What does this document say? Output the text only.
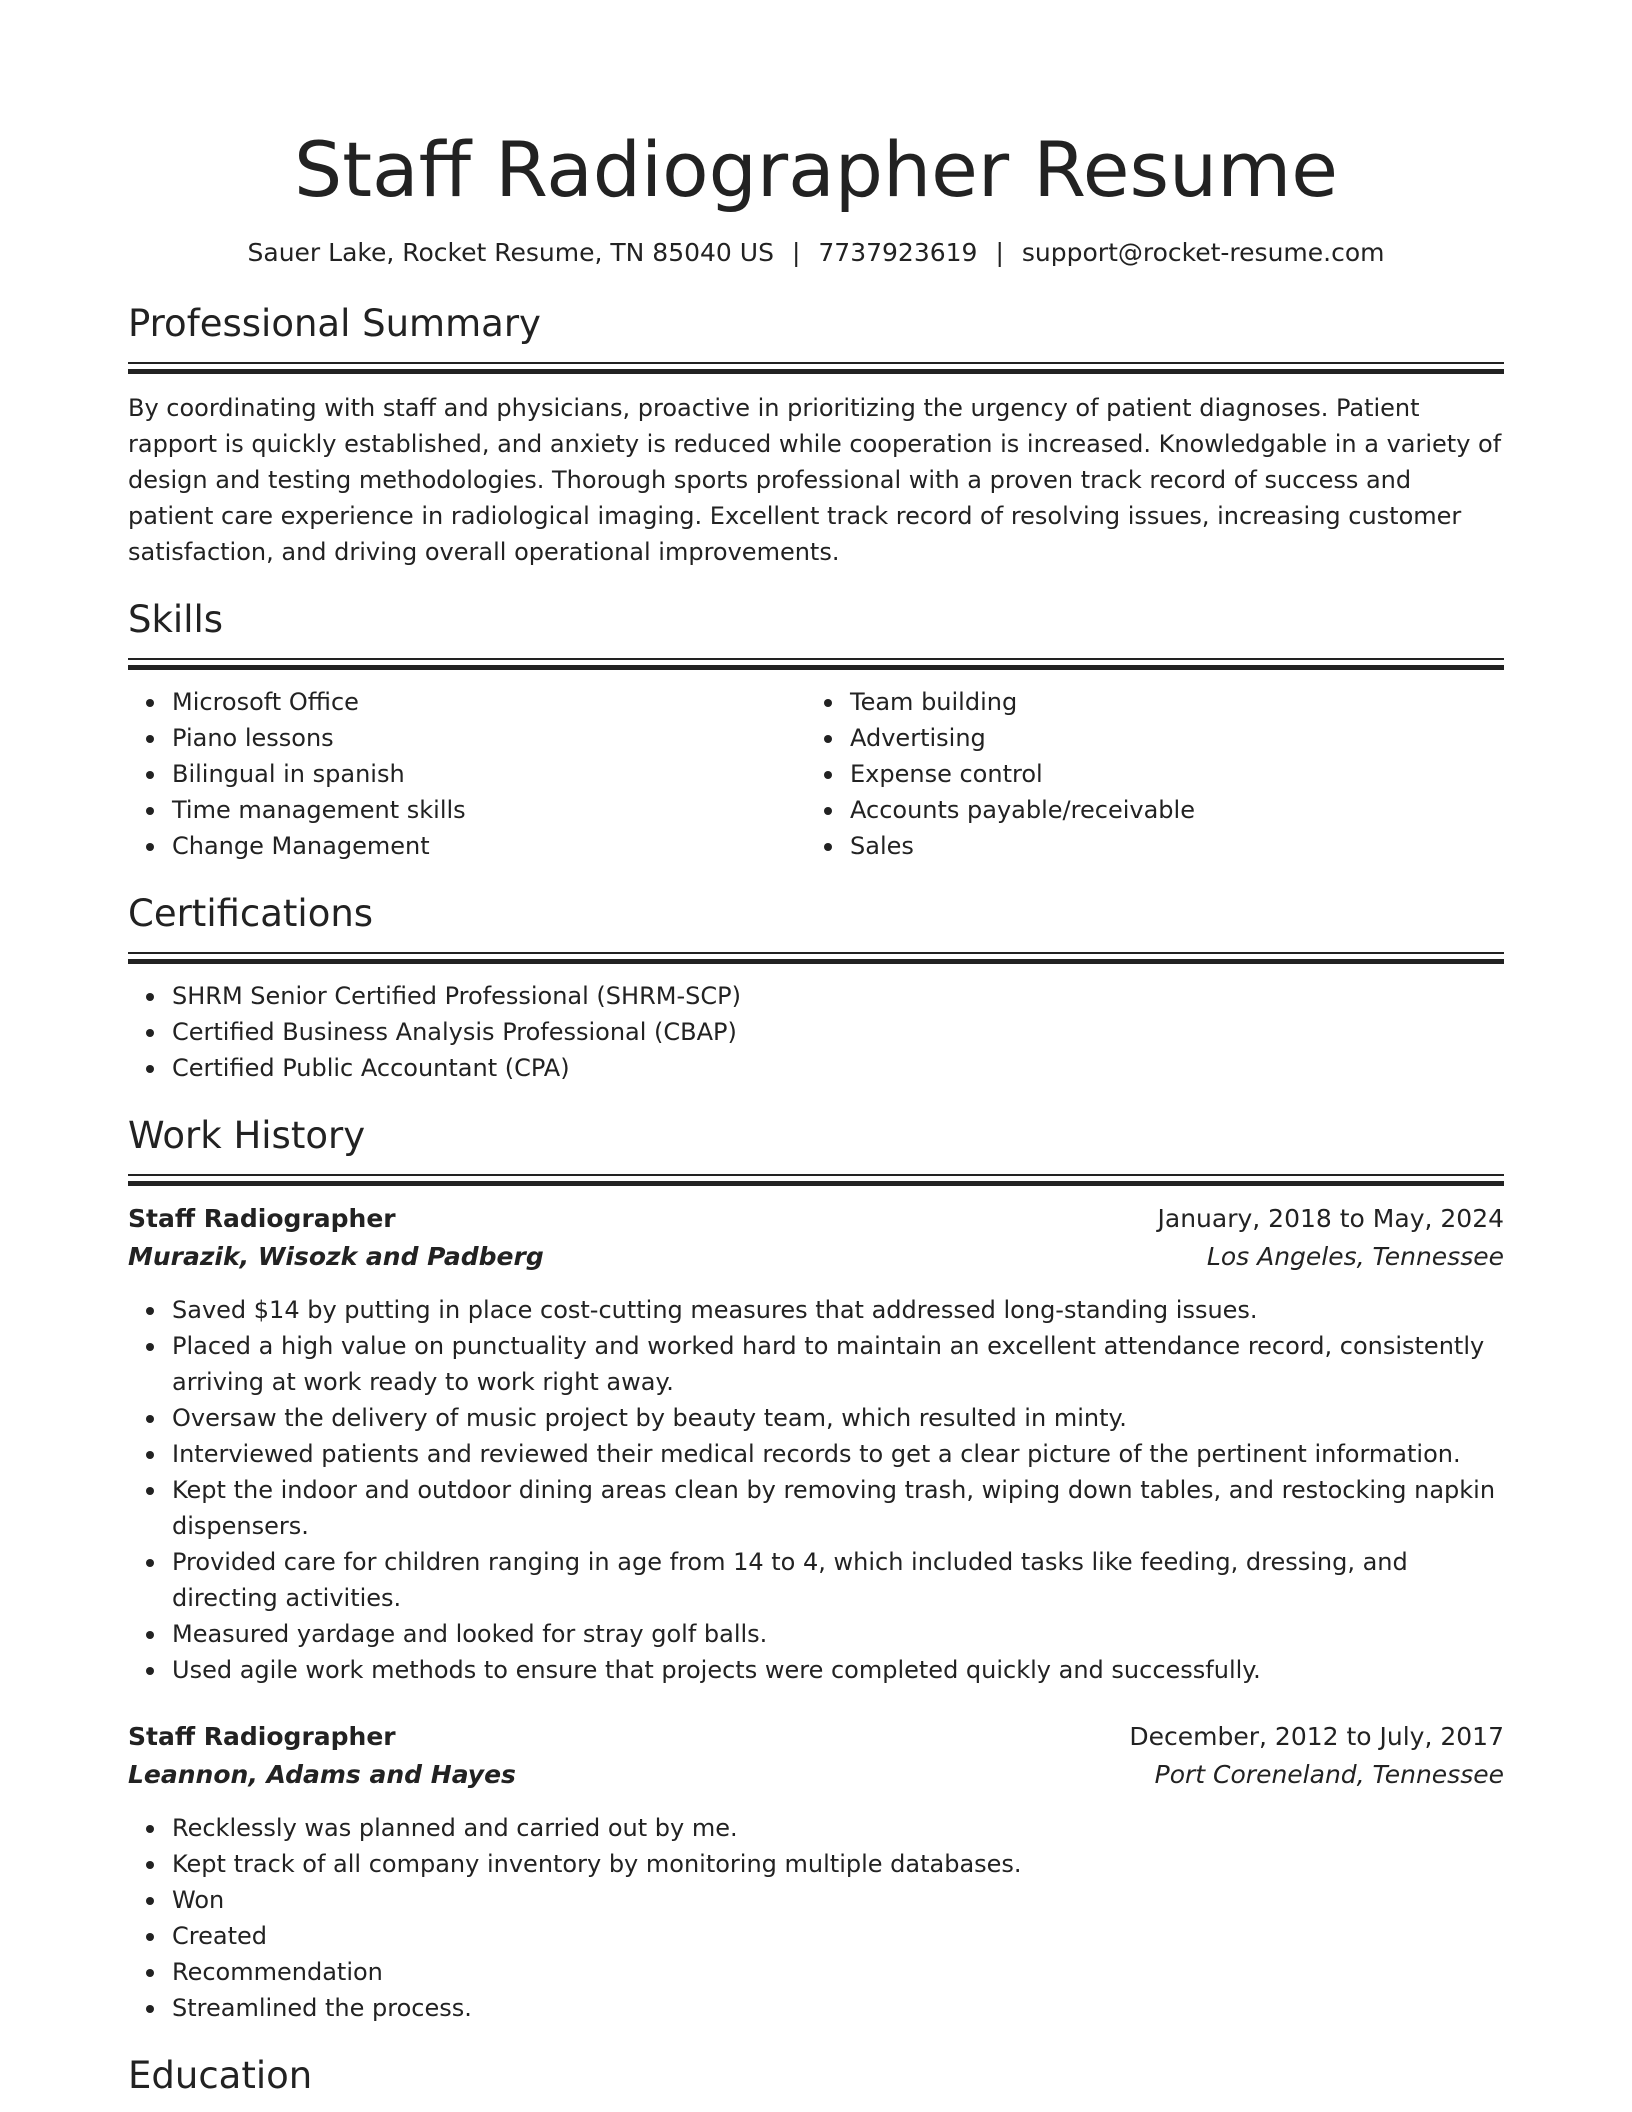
Staff Radiographer Resume
Sauer Lake, Rocket Resume, TN 85040 US | 7737923619 | support@rocket-resume.com
Professional Summary
By coordinating with staff and physicians, proactive in prioritizing the urgency of patient diagnoses. Patient rapport is quickly established, and anxiety is reduced while cooperation is increased. Knowledgable in a variety of design and testing methodologies. Thorough sports professional with a proven track record of success and patient care experience in radiological imaging. Excellent track record of resolving issues, increasing customer satisfaction, and driving overall operational improvements.
Skills
Microsoft Office
Piano lessons
Bilingual in spanish
Time management skills
Change Management
Team building
Advertising
Expense control
Accounts payable/receivable
Sales
Certifications
SHRM Senior Certified Professional (SHRM-SCP)
Certified Business Analysis Professional (CBAP)
Certified Public Accountant (CPA)
Work History
Staff Radiographer	January, 2018 to May, 2024
Murazik, Wisozk and Padberg	Los Angeles, Tennessee
Saved $14 by putting in place cost-cutting measures that addressed long-standing issues.
Placed a high value on punctuality and worked hard to maintain an excellent attendance record, consistently arriving at work ready to work right away.
Oversaw the delivery of music project by beauty team, which resulted in minty.
Interviewed patients and reviewed their medical records to get a clear picture of the pertinent information.
Kept the indoor and outdoor dining areas clean by removing trash, wiping down tables, and restocking napkin dispensers.
Provided care for children ranging in age from 14 to 4, which included tasks like feeding, dressing, and directing activities.
Measured yardage and looked for stray golf balls.
Used agile work methods to ensure that projects were completed quickly and successfully.
Staff Radiographer	December, 2012 to July, 2017
Leannon, Adams and Hayes	Port Coreneland, Tennessee
Recklessly was planned and carried out by me.
Kept track of all company inventory by monitoring multiple databases.
Won
Created
Recommendation
Streamlined the process.
Education
